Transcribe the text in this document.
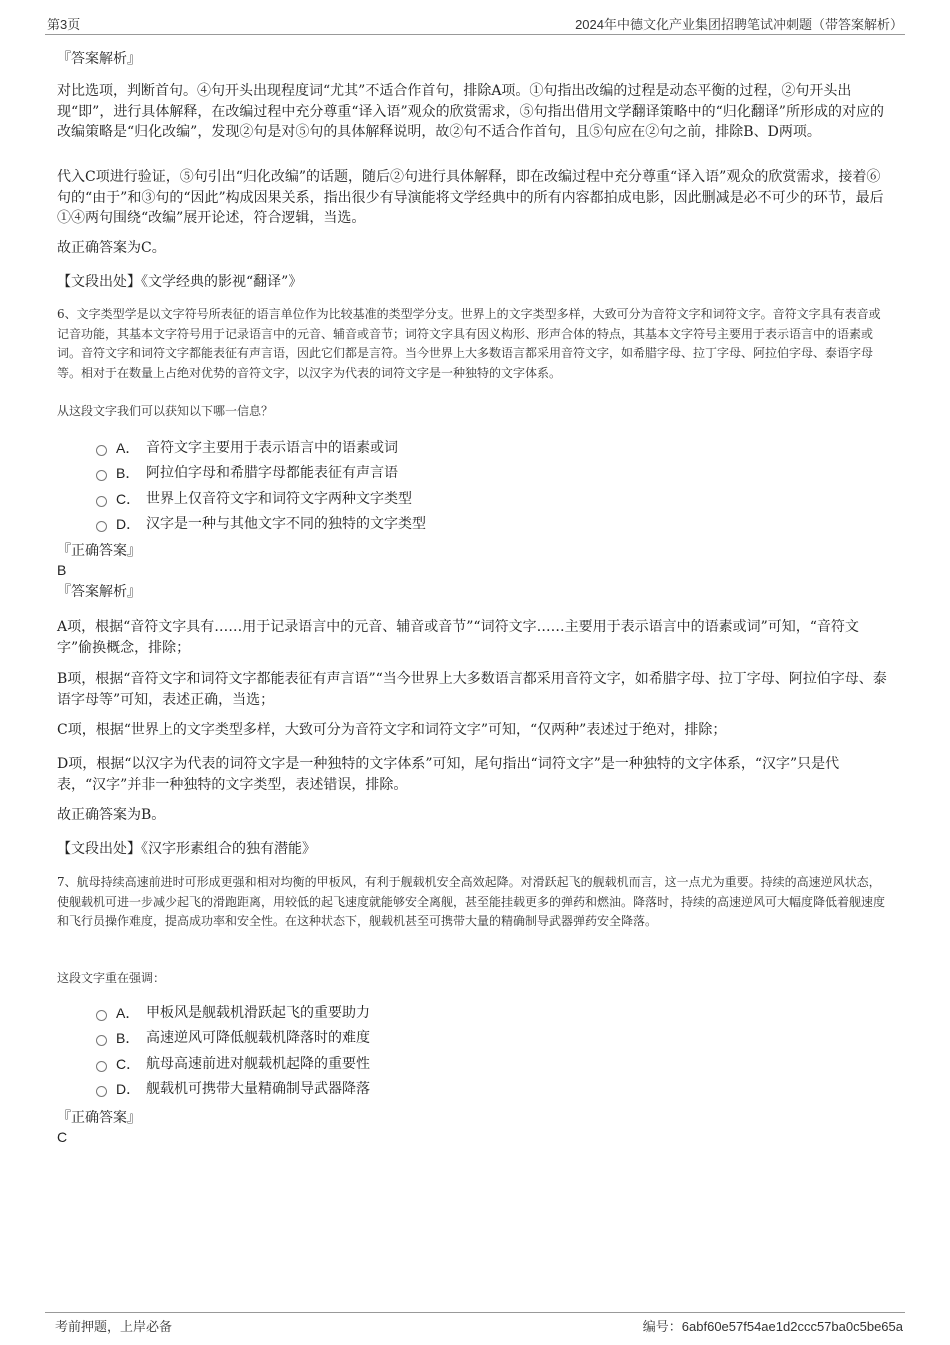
第3页	2024年中德文化产业集团招聘笔试冲刺题（带答案解析）
『答案解析』
对比选项，判断首句。④句开头出现程度词“尤其”不适合作首句，排除A项。①句指出改编的过程是动态平衡的过程，②句开头出现“即”，进行具体解释，在改编过程中充分尊重“译入语”观众的欣赏需求，⑤句指出借用文学翻译策略中的“归化翻译”所形成的对应的改编策略是“归化改编”，发现②句是对⑤句的具体解释说明，故②句不适合作首句，且⑤句应在②句之前，排除B、D两项。
代入C项进行验证，⑤句引出“归化改编”的话题，随后②句进行具体解释，即在改编过程中充分尊重“译入语”观众的欣赏需求，接着⑥句的“由于”和③句的“因此”构成因果关系，指出很少有导演能将文学经典中的所有内容都拍成电影，因此删减是必不可少的环节，最后①④两句围绕“改编”展开论述，符合逻辑，当选。
故正确答案为C。
【文段出处】《文学经典的影视“翻译”》
6、文字类型学是以文字符号所表征的语言单位作为比较基准的类型学分支。世界上的文字类型多样，大致可分为音符文字和词符文字。音符文字具有表音或记音功能，其基本文字符号用于记录语言中的元音、辅音或音节；词符文字具有因义构形、形声合体的特点，其基本文字符号主要用于表示语言中的语素或词。音符文字和词符文字都能表征有声言语，因此它们都是言符。当今世界上大多数语言都采用音符文字，如希腊字母、拉丁字母、阿拉伯字母、泰语字母等。相对于在数量上占绝对优势的音符文字，以汉字为代表的词符文字是一种独特的文字体系。
从这段文字我们可以获知以下哪一信息？
A． 音符文字主要用于表示语言中的语素或词
B． 阿拉伯字母和希腊字母都能表征有声言语
C． 世界上仅音符文字和词符文字两种文字类型
D． 汉字是一种与其他文字不同的独特的文字类型
『正确答案』
B
『答案解析』
A项，根据“音符文字具有……用于记录语言中的元音、辅音或音节”“词符文字……主要用于表示语言中的语素或词”可知，“音符文字”偷换概念，排除；
B项，根据“音符文字和词符文字都能表征有声言语”“当今世界上大多数语言都采用音符文字，如希腊字母、拉丁字母、阿拉伯字母、泰语字母等”可知，表述正确，当选；
C项，根据“世界上的文字类型多样，大致可分为音符文字和词符文字”可知，“仅两种”表述过于绝对，排除；
D项，根据“以汉字为代表的词符文字是一种独特的文字体系”可知，尾句指出“词符文字”是一种独特的文字体系，“汉字”只是代表，“汉字”并非一种独特的文字类型，表述错误，排除。
故正确答案为B。
【文段出处】《汉字形素组合的独有潜能》
7、航母持续高速前进时可形成更强和相对均衡的甲板风，有利于舰载机安全高效起降。对滑跃起飞的舰载机而言，这一点尤为重要。持续的高速逆风状态，使舰载机可进一步减少起飞的滑跑距离，用较低的起飞速度就能够安全离舰，甚至能挂载更多的弹药和燃油。降落时，持续的高速逆风可大幅度降低着舰速度和飞行员操作难度，提高成功率和安全性。在这种状态下，舰载机甚至可携带大量的精确制导武器弹药安全降落。
这段文字重在强调：
A． 甲板风是舰载机滑跃起飞的重要助力
B． 高速逆风可降低舰载机降落时的难度
C． 航母高速前进对舰载机起降的重要性
D． 舰载机可携带大量精确制导武器降落
『正确答案』
C
考前押题，上岸必备	编号：6abf60e57f54ae1d2ccc57ba0c5be65a
